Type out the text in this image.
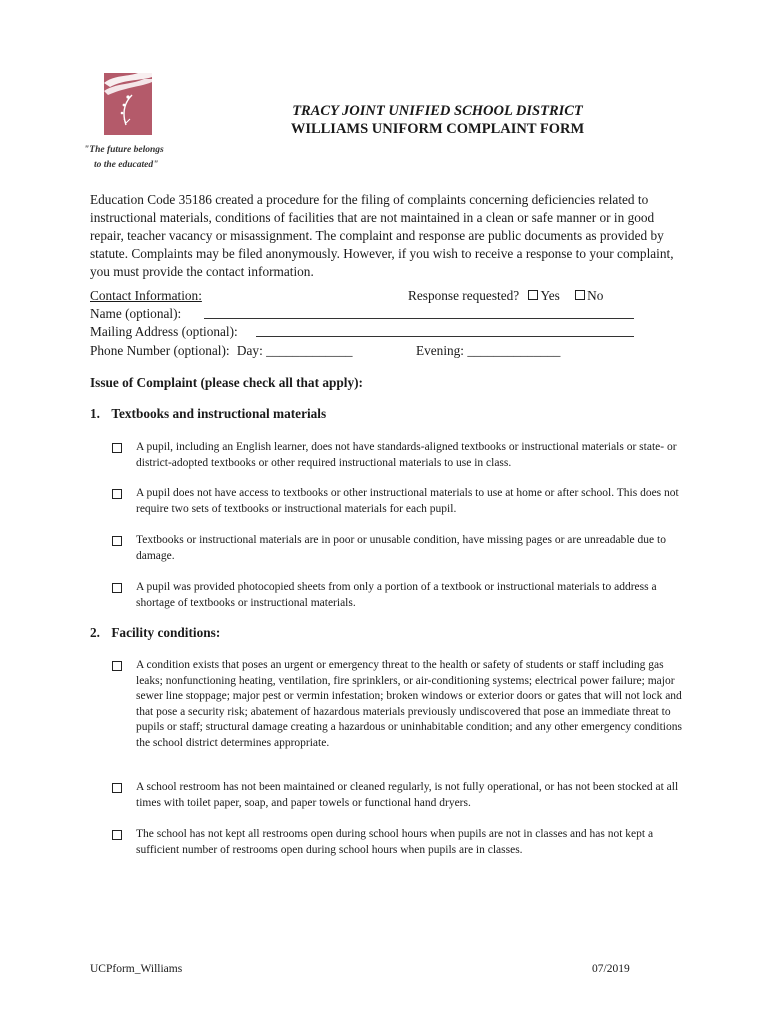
"The future belongs
to the educated"
TRACY JOINT UNIFIED SCHOOL DISTRICT
WILLIAMS UNIFORM COMPLAINT FORM
Education Code 35186 created a procedure for the filing of complaints concerning deficiencies related to instructional materials, conditions of facilities that are not maintained in a clean or safe manner or in good repair, teacher vacancy or misassignment. The complaint and response are public documents as provided by statute. Complaints may be filed anonymously. However, if you wish to receive a response to your complaint, you must provide the contact information.
Contact Information:	Response requested? Yes No
Name (optional):
Mailing Address (optional):
Phone Number (optional): Day: _____________	Evening: ______________
Issue of Complaint (please check all that apply):
1. Textbooks and instructional materials
A pupil, including an English learner, does not have standards-aligned textbooks or instructional materials or state- or district-adopted textbooks or other required instructional materials to use in class.
A pupil does not have access to textbooks or other instructional materials to use at home or after school. This does not require two sets of textbooks or instructional materials for each pupil.
Textbooks or instructional materials are in poor or unusable condition, have missing pages or are unreadable due to damage.
A pupil was provided photocopied sheets from only a portion of a textbook or instructional materials to address a shortage of textbooks or instructional materials.
2. Facility conditions:
A condition exists that poses an urgent or emergency threat to the health or safety of students or staff including gas leaks; nonfunctioning heating, ventilation, fire sprinklers, or air-conditioning systems; electrical power failure; major sewer line stoppage; major pest or vermin infestation; broken windows or exterior doors or gates that will not lock and that pose a security risk; abatement of hazardous materials previously undiscovered that pose an immediate threat to pupils or staff; structural damage creating a hazardous or uninhabitable condition; and any other emergency conditions the school district determines appropriate.
A school restroom has not been maintained or cleaned regularly, is not fully operational, or has not been stocked at all times with toilet paper, soap, and paper towels or functional hand dryers.
The school has not kept all restrooms open during school hours when pupils are not in classes and has not kept a sufficient number of restrooms open during school hours when pupils are in classes.
UCPform_Williams	07/2019
